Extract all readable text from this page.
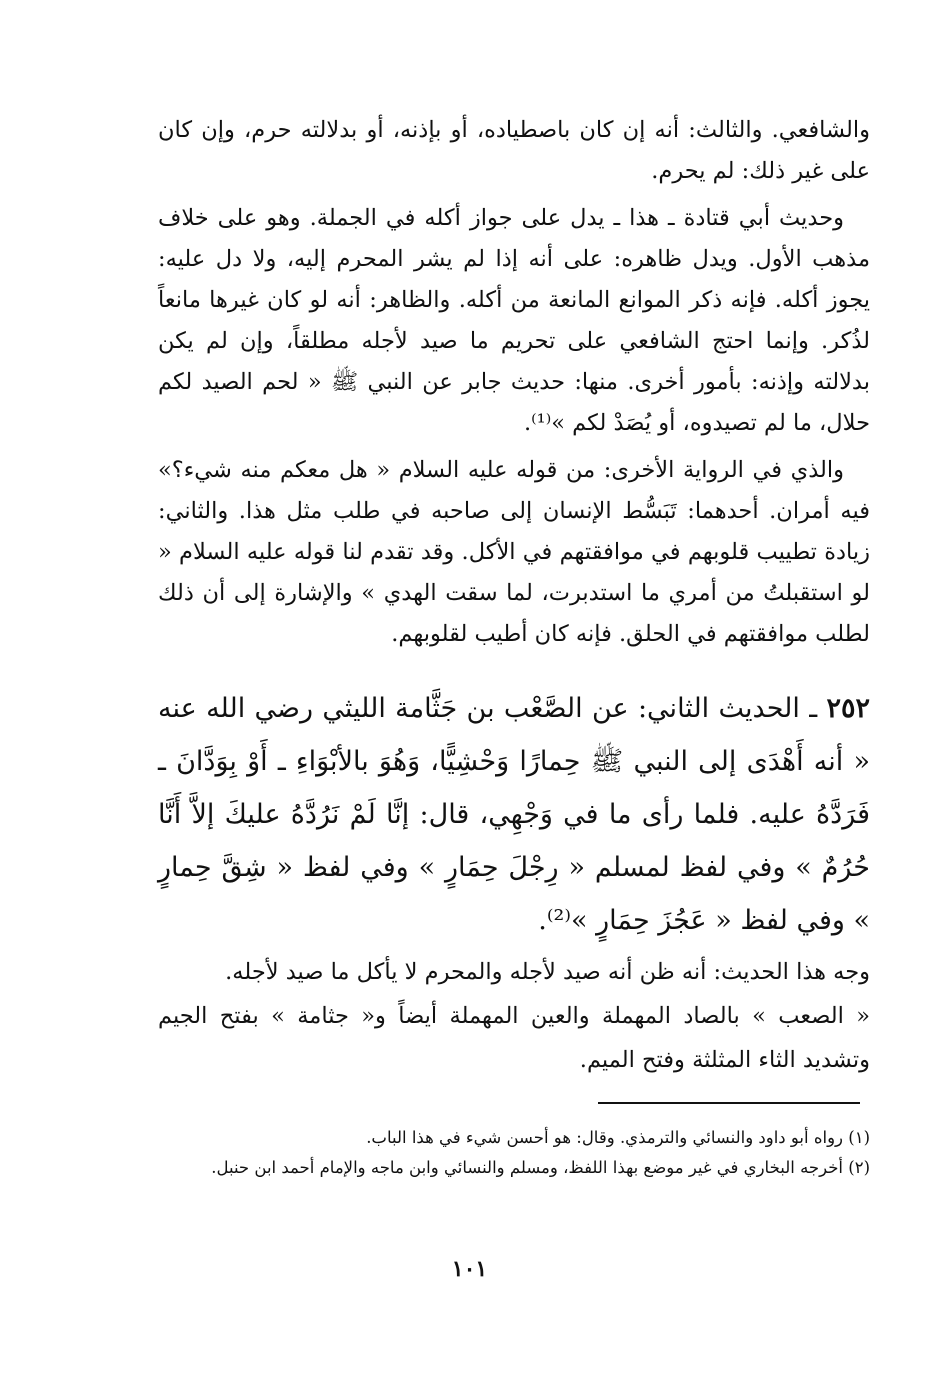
والشافعي. والثالث: أنه إن كان باصطياده، أو بإذنه، أو بدلالته حرم، وإن كان على غير ذلك: لم يحرم.

وحديث أبي قتادة ـ هذا ـ يدل على جواز أكله في الجملة. وهو على خلاف مذهب الأول. ويدل ظاهره: على أنه إذا لم يشر المحرم إليه، ولا دل عليه: يجوز أكله. فإنه ذكر الموانع المانعة من أكله. والظاهر: أنه لو كان غيرها مانعاً لذُكر. وإنما احتج الشافعي على تحريم ما صيد لأجله مطلقاً، وإن لم يكن بدلالته وإذنه: بأمور أخرى. منها: حديث جابر عن النبي ﷺ « لحم الصيد لكم حلال، ما لم تصيدوه، أو يُصَدْ لكم »⁽¹⁾.

والذي في الرواية الأخرى: من قوله عليه السلام « هل معكم منه شيء؟» فيه أمران. أحدهما: تَبَسُّط الإنسان إلى صاحبه في طلب مثل هذا. والثاني: زيادة تطييب قلوبهم في موافقتهم في الأكل. وقد تقدم لنا قوله عليه السلام « لو استقبلتُ من أمري ما استدبرت، لما سقت الهدي » والإشارة إلى أن ذلك لطلب موافقتهم في الحلق. فإنه كان أطيب لقلوبهم.

٢٥٢ ـ الحديث الثاني: عن الصَّعْب بن جَثَّامة الليثي رضي الله عنه « أنه أَهْدَى إلى النبي ﷺ حِمارًا وَحْشِيًّا، وَهُوَ بالأبْوَاءِ ـ أَوْ بِوَدَّانَ ـ فَرَدَّهُ عليه. فلما رأى ما في وَجْهِي، قال: إنَّا لَمْ نَرُدَّهُ عليكَ إلاَّ أَنَّا حُرُمٌ » وفي لفظ لمسلم « رِجْلَ حِمَارٍ » وفي لفظ « شِقَّ حِمارٍ » وفي لفظ « عَجُزَ حِمَارٍ »⁽²⁾.

وجه هذا الحديث: أنه ظن أنه صيد لأجله والمحرم لا يأكل ما صيد لأجله.

« الصعب » بالصاد المهملة والعين المهملة أيضاً و« جثامة » بفتح الجيم وتشديد الثاء المثلثة وفتح الميم.

(١) رواه أبو داود والنسائي والترمذي. وقال: هو أحسن شيء في هذا الباب.

(٢) أخرجه البخاري في غير موضع بهذا اللفظ، ومسلم والنسائي وابن ماجه والإمام أحمد ابن حنبل.

١٠١
